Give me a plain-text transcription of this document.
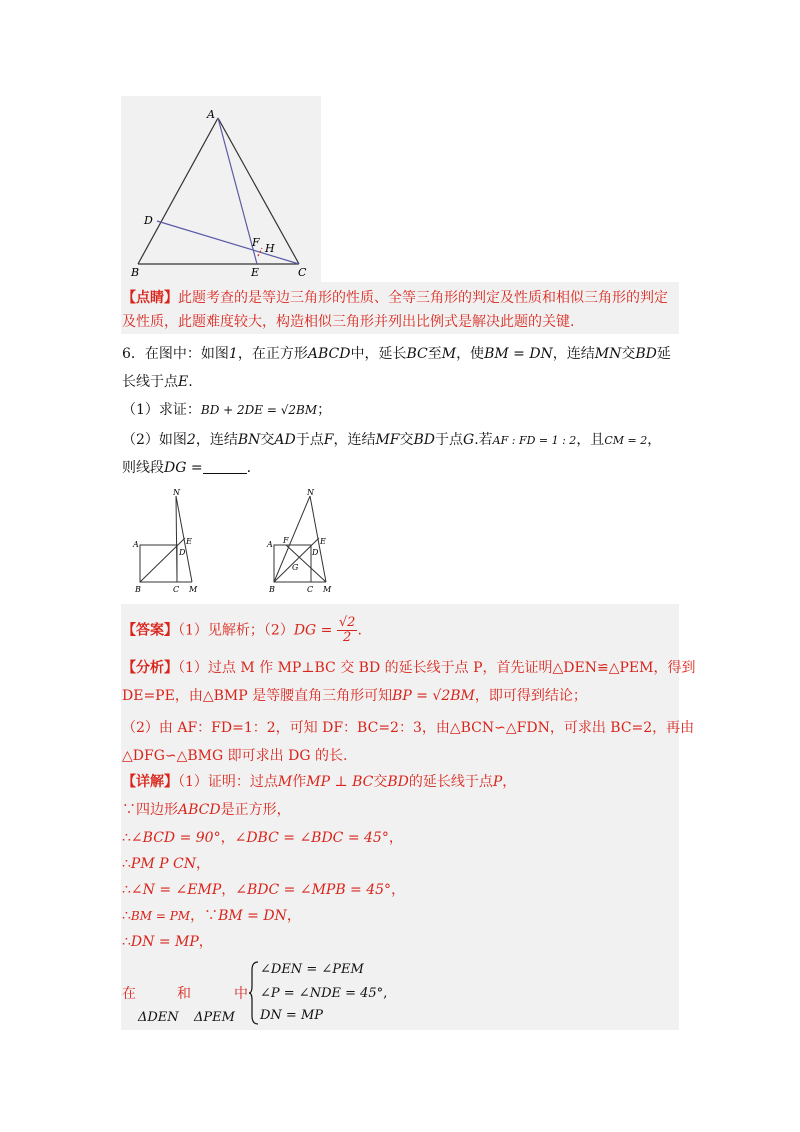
A
D
F H
B	E	C
【点睛】此题考查的是等边三角形的性质、全等三角形的判定及性质和相似三角形的判定
及性质，此题难度较大，构造相似三角形并列出比例式是解决此题的关键.
6．在图中：如图1，在正方形ABCD中，延长BC至M，使BM = DN，连结MN交BD延
长线于点E.
（1）求证：BD + 2DE = √2BM；
（2）如图2，连结BN交AD于点F，连结MF交BD于点G.若AF : FD = 1 : 2，且CM = 2，
则线段DG =	.
N
A
D
E
B	C M
N
A F
D
E
G
B	C M
【答案】（1）见解析；$(2)DG = \frac{√2}{2}$ .
【分析】（1）过点 M 作 MP⊥BC 交 BD 的延长线于点 P，首先证明△DEN≌△PEM，得到
DE=PE，由△BMP 是等腰直角三角形可知BP = √2BM，即可得到结论；
（2）由 AF：FD=1：2，可知 DF：BC=2：3，由△BCN∽△FDN，可求出 BC=2，再由
△DFG∽△BMG 即可求出 DG 的长.
【详解】（1）证明：过点M作MP ⊥ BC交BD的延长线于点P，
∵四边形ABCD是正方形，
∴∠BCD = 90°，∠DBC = ∠BDC = 45°，
∴PM P CN，
∴∠N = ∠EMP，∠BDC = ∠MPB = 45°，
∴BM = PM，∵BM = DN，
∴DN = MP，
在	和	中
ΔDEN ΔPEM
∠DEN = ∠PEM
∠P = ∠NDE = 45°,
DN = MP
